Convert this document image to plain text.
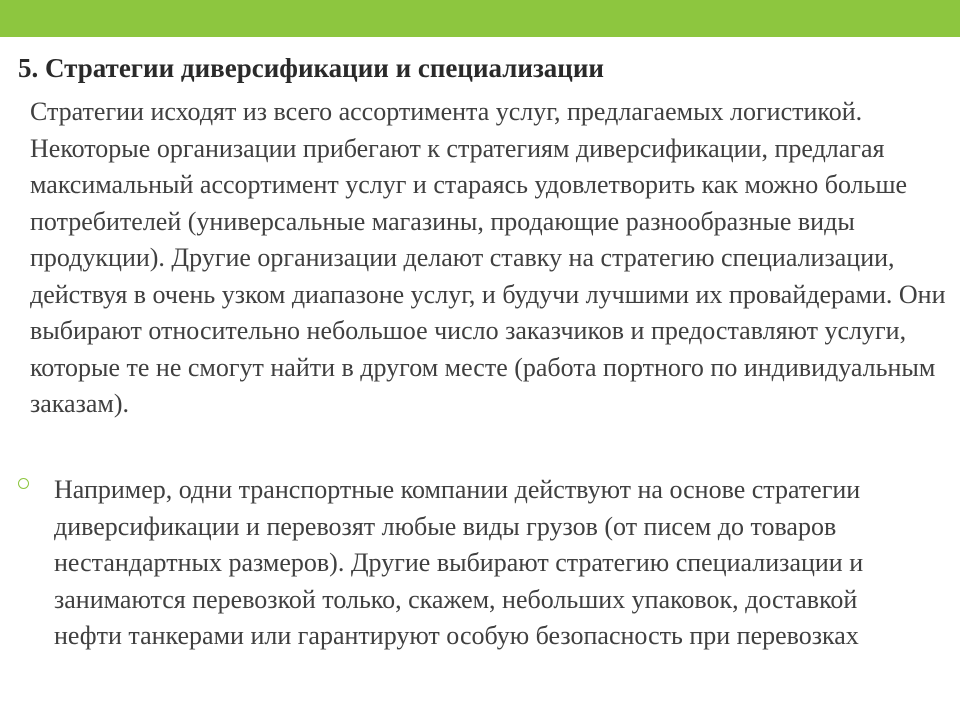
5. Стратегии диверсификации и специализации

Стратегии исходят из всего ассортимента услуг, предлагаемых логистикой. Некоторые организации прибегают к стратегиям диверсификации, предлагая максимальный ассортимент услуг и стараясь удовлетворить как можно больше потребителей (универсальные магазины, продающие разнообразные виды продукции). Другие организации делают ставку на стратегию специализации, действуя в очень узком диапазоне услуг, и будучи лучшими их провайдерами. Они выбирают относительно небольшое число заказчиков и предоставляют услуги, которые те не смогут найти в другом месте (работа портного по индивидуальным заказам).

Например, одни транспортные компании действуют на основе стратегии диверсификации и перевозят любые виды грузов (от писем до товаров нестандартных размеров). Другие выбирают стратегию специализации и занимаются перевозкой только, скажем, небольших упаковок, доставкой нефти танкерами или гарантируют особую безопасность при перевозках
